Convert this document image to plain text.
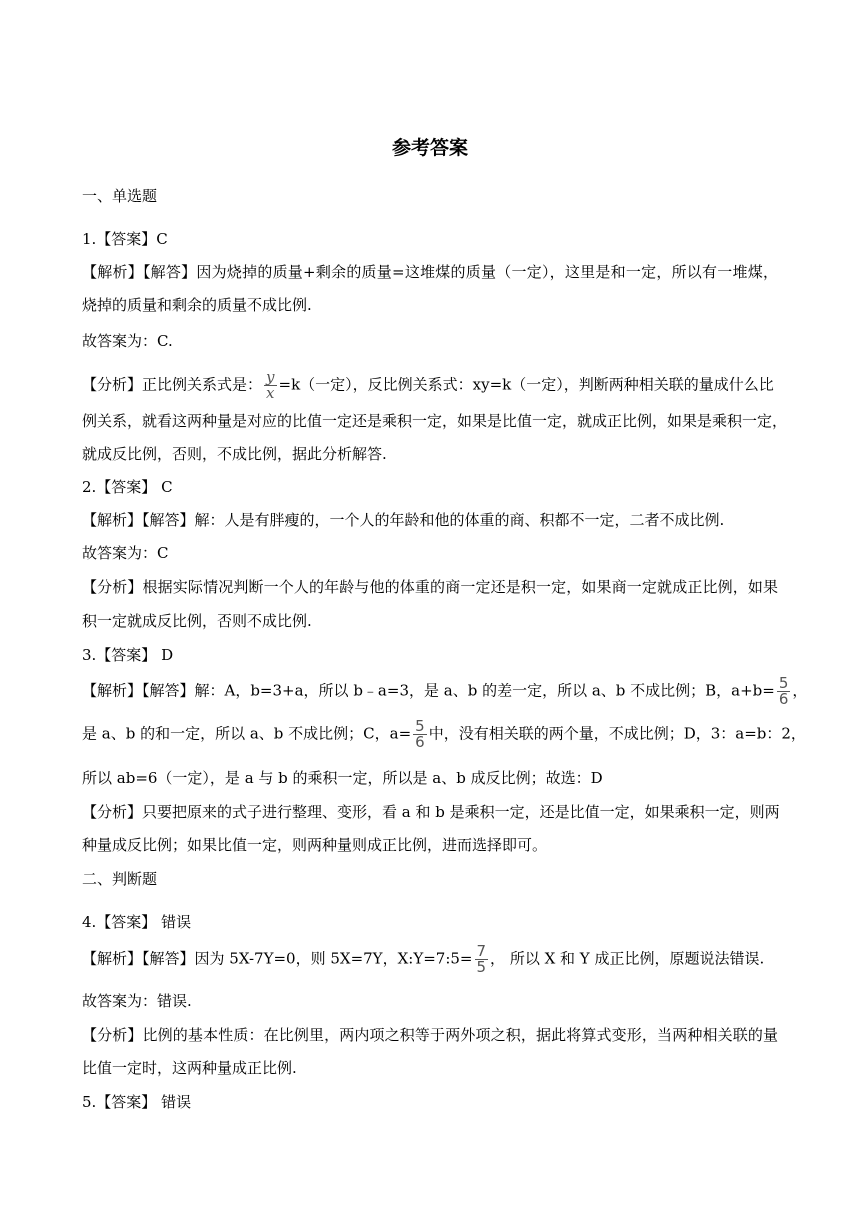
参考答案
一、单选题
1.【答案】C
【解析】【解答】因为烧掉的质量+剩余的质量=这堆煤的质量（一定），这里是和一定，所以有一堆煤，
烧掉的质量和剩余的质量不成比例.
故答案为：C.
【分析】正比例关系式是： $\frac{y}{x} =k$（一定），反比例关系式：xy=k（一定），判断两种相关联的量成什么比
例关系，就看这两种量是对应的比值一定还是乘积一定，如果是比值一定，就成正比例，如果是乘积一定，
就成反比例，否则，不成比例，据此分析解答.
2.【答案】 C
【解析】【解答】解：人是有胖瘦的，一个人的年龄和他的体重的商、积都不一定，二者不成比例.
故答案为：C
【分析】根据实际情况判断一个人的年龄与他的体重的商一定还是积一定，如果商一定就成正比例，如果
积一定就成反比例，否则不成比例.
3.【答案】 D
【解析】【解答】解：A，b=3+a，所以 b﹣a=3，是 a、b 的差一定，所以 a、b 不成比例；B，$a+b= \frac{5}{6}$ ，
是 a、b 的和一定，所以 a、b 不成比例；C，$a= \frac{5}{6}$ 中，没有相关联的两个量，不成比例；D，3：a=b：2，
所以 ab=6（一定），是 a 与 b 的乘积一定，所以是 a、b 成反比例；故选：D
【分析】只要把原来的式子进行整理、变形，看 a 和 b 是乘积一定，还是比值一定，如果乘积一定，则两
种量成反比例；如果比值一定，则两种量则成正比例，进而选择即可。
二、判断题
4.【答案】 错误
【解析】【解答】因为 5X-7Y=0，则 5X=7Y，X:Y=7:5= $\frac{7}{5}$ ， 所以 X 和 Y 成正比例，原题说法错误.
故答案为：错误.
【分析】比例的基本性质：在比例里，两内项之积等于两外项之积，据此将算式变形，当两种相关联的量
比值一定时，这两种量成正比例.
5.【答案】 错误
